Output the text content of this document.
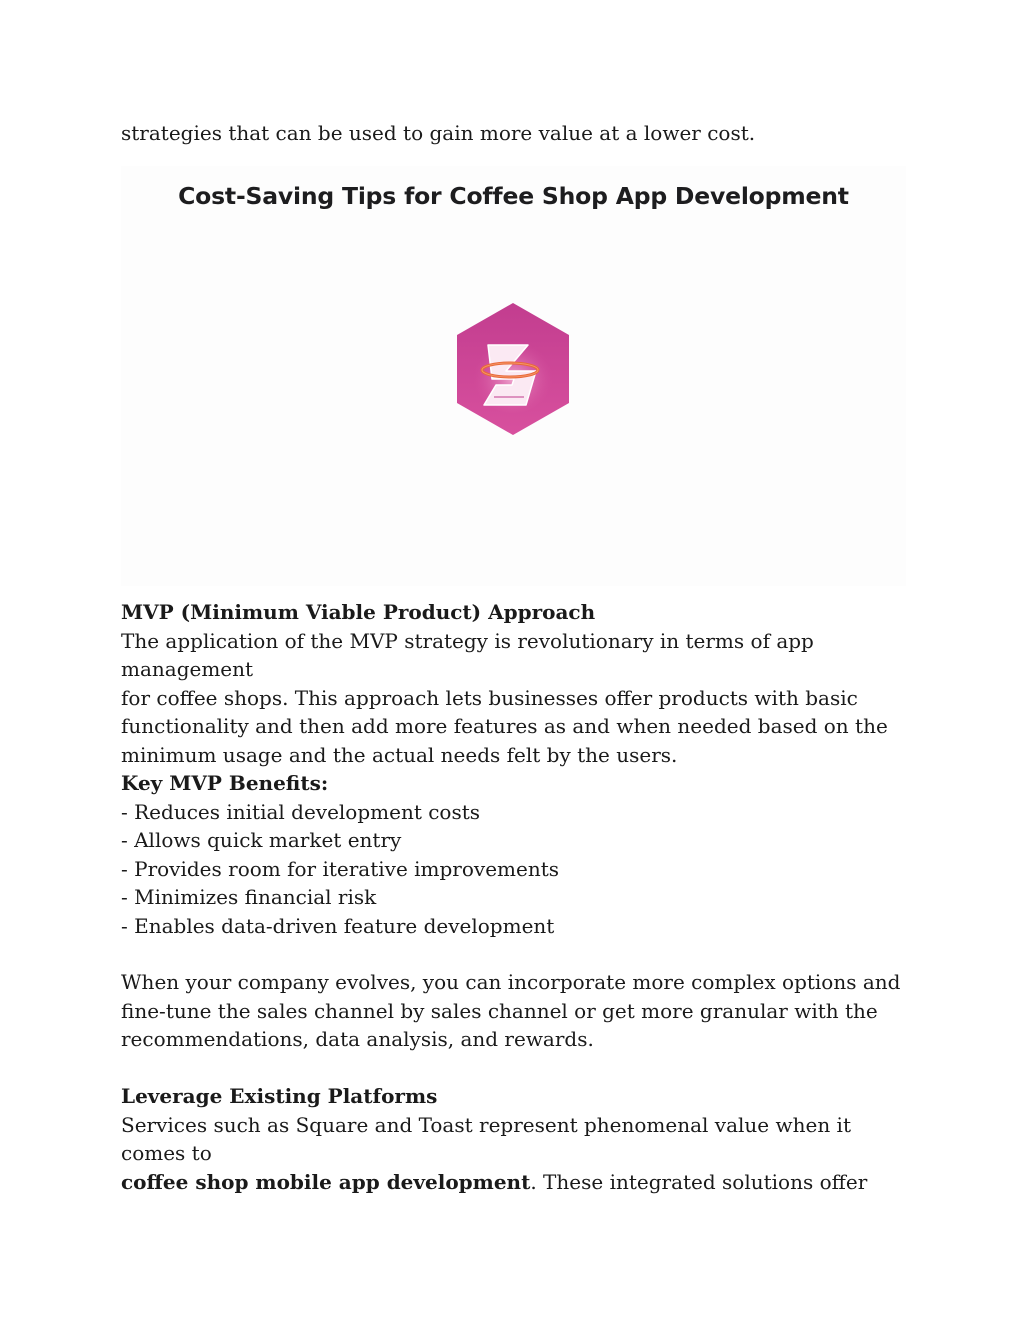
strategies that can be used to gain more value at a lower cost.

Cost-Saving Tips for Coffee Shop App Development

MVP (Minimum Viable Product) Approach

The application of the MVP strategy is revolutionary in terms of app management

for coffee shops. This approach lets businesses offer products with basic

functionality and then add more features as and when needed based on the

minimum usage and the actual needs felt by the users.

Key MVP Benefits:

- Reduces initial development costs
- Allows quick market entry
- Provides room for iterative improvements
- Minimizes financial risk
- Enables data-driven feature development

When your company evolves, you can incorporate more complex options and

fine-tune the sales channel by sales channel or get more granular with the

recommendations, data analysis, and rewards.

Leverage Existing Platforms

Services such as Square and Toast represent phenomenal value when it comes to

coffee shop mobile app development. These integrated solutions offer
